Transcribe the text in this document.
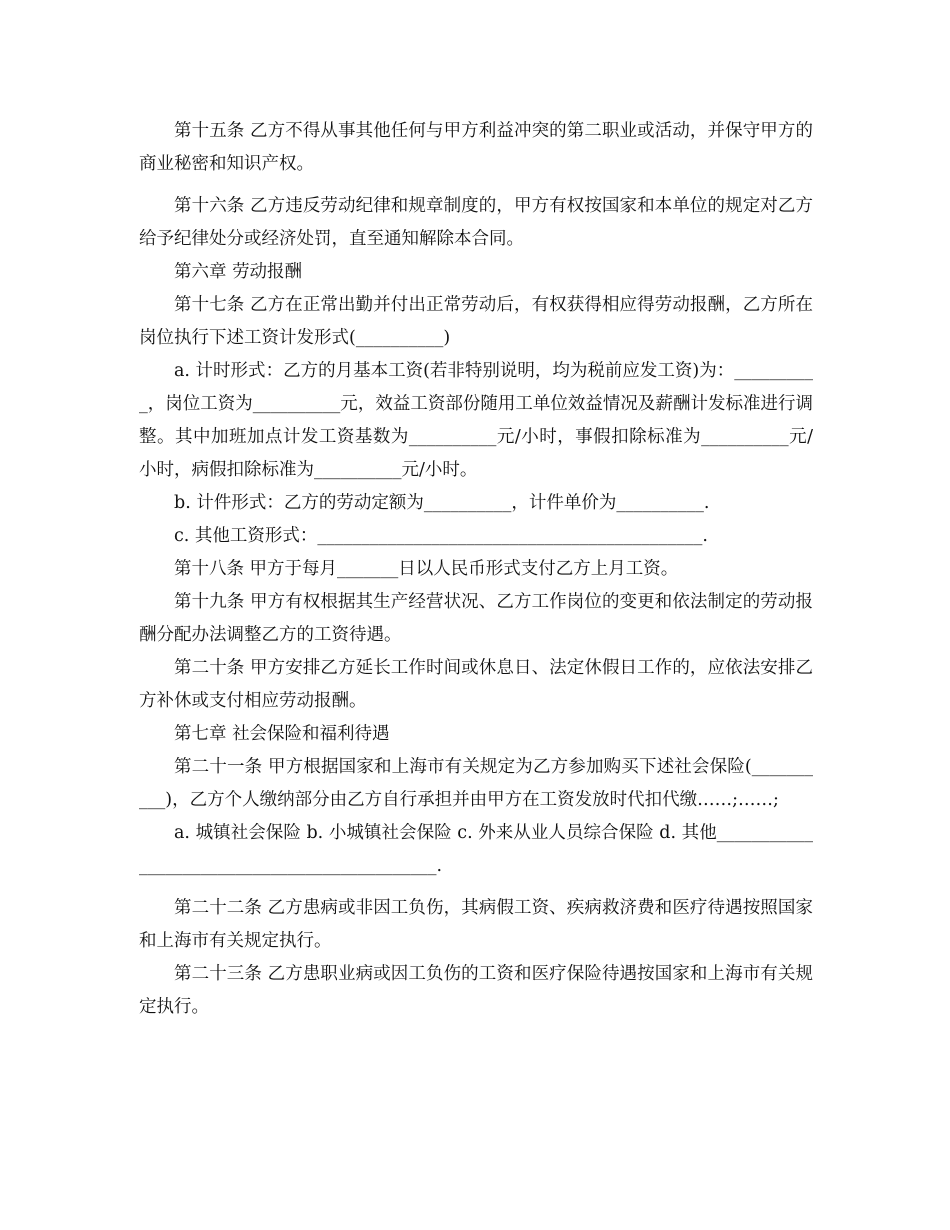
第十五条 乙方不得从事其他任何与甲方利益冲突的第二职业或活动，并保守甲方的商业秘密和知识产权。

第十六条 乙方违反劳动纪律和规章制度的，甲方有权按国家和本单位的规定对乙方给予纪律处分或经济处罚，直至通知解除本合同。

第六章 劳动报酬

第十七条 乙方在正常出勤并付出正常劳动后，有权获得相应得劳动报酬，乙方所在岗位执行下述工资计发形式(__________)

a. 计时形式：乙方的月基本工资(若非特别说明，均为税前应发工资)为：__________，岗位工资为__________元，效益工资部份随用工单位效益情况及薪酬计发标准进行调整。其中加班加点计发工资基数为__________元/小时，事假扣除标准为__________元/小时，病假扣除标准为__________元/小时。

b. 计件形式：乙方的劳动定额为__________，计件单价为__________.

c. 其他工资形式：____________________________________________.

第十八条 甲方于每月_______日以人民币形式支付乙方上月工资。

第十九条 甲方有权根据其生产经营状况、乙方工作岗位的变更和依法制定的劳动报酬分配办法调整乙方的工资待遇。

第二十条 甲方安排乙方延长工作时间或休息日、法定休假日工作的，应依法安排乙方补休或支付相应劳动报酬。

第七章 社会保险和福利待遇

第二十一条 甲方根据国家和上海市有关规定为乙方参加购买下述社会保险(__________)，乙方个人缴纳部分由乙方自行承担并由甲方在工资发放时代扣代缴……;……;

a. 城镇社会保险 b. 小城镇社会保险 c. 外来从业人员综合保险 d. 其他_____________________________________________.

第二十二条 乙方患病或非因工负伤，其病假工资、疾病救济费和医疗待遇按照国家和上海市有关规定执行。

第二十三条 乙方患职业病或因工负伤的工资和医疗保险待遇按国家和上海市有关规定执行。
